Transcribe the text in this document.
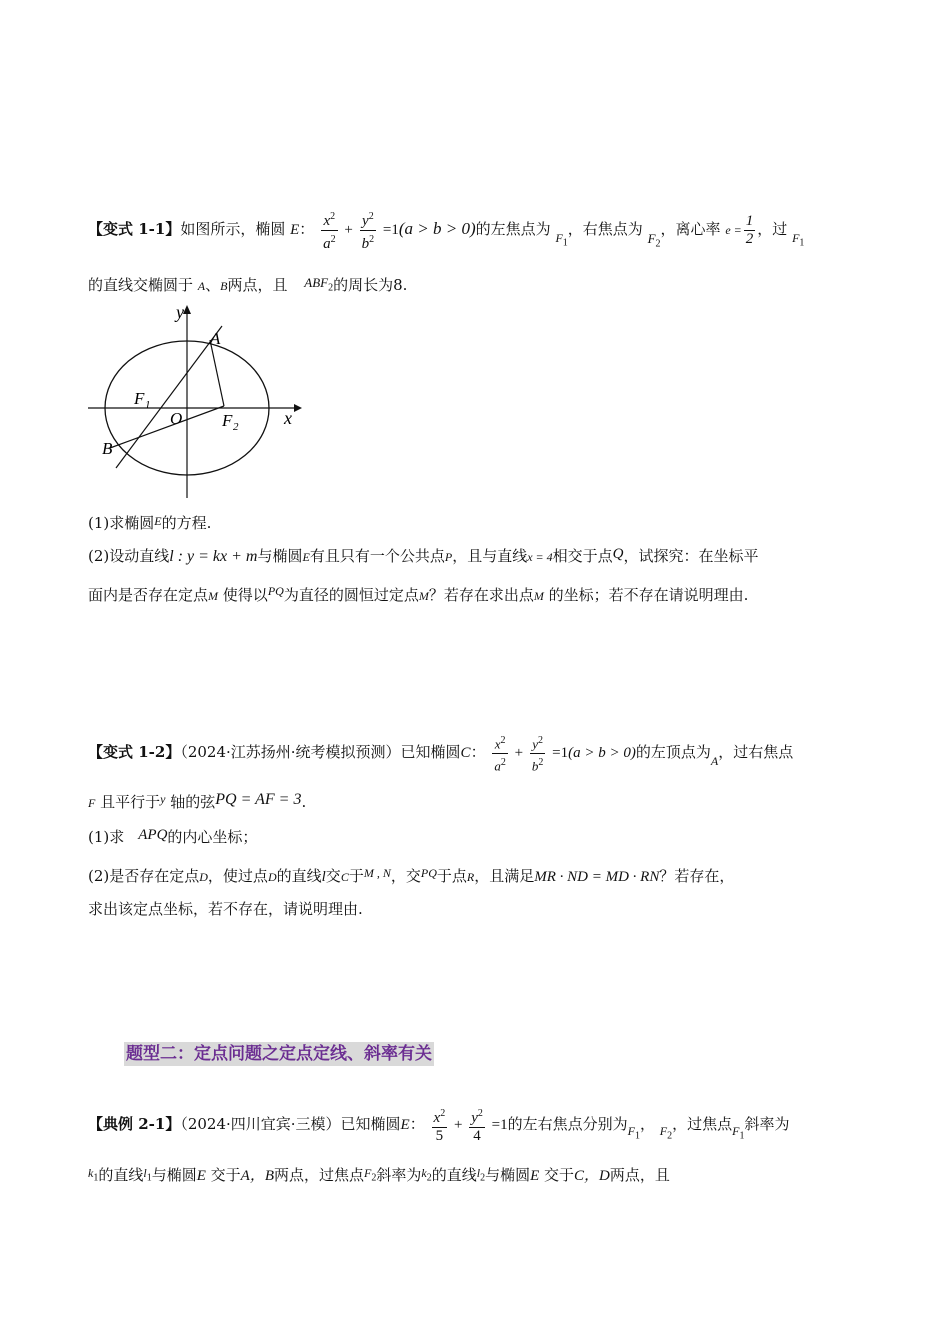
【变式 1-1】如图所示，椭圆 E： $\frac{x^2}{a^2} + \frac{y^2}{b^2} =1(a > b > 0)$的左焦点为 $_{F_1}$，右焦点为 $F_2$，离心率 $e = \frac{1}{2}$ ，过 $_{F_1}$
的直线交椭圆于 A、B两点，且 $ABF_2$的周长为8.
y
x
A
B
F 1
O F 2
(1)求椭圆$^E$的方程.
(2)设动直线l : y = kx + m与椭圆E有且只有一个公共点P，且与直线x = 4相交于点Q，试探究：在坐标平
面内是否存在定点M 使得以$^{PQ}$为直径的圆恒过定点M？若存在求出点M 的坐标；若不存在请说明理由.
【变式 1-2】（2024·江苏扬州·统考模拟预测）已知椭圆C： $\frac{x^2}{a^2} + \frac{y^2}{b^2} =1(a > b > 0)$的左顶点为$_A$，过右焦点
F 且平行于$^y$ 轴的弦PQ = AF = 3.
(1)求 APQ的内心坐标；
(2)是否存在定点D，使过点D的直线l交C于$^{M , N}$，交$^{PQ}$于点R，且满足MR · ND = MD · RN？若存在，
求出该定点坐标，若不存在，请说明理由.
题型二：定点问题之定点定线、斜率有关
【典例 2-1】（2024·四川宜宾·三模）已知椭圆E： $\frac{x^2}{5} + \frac{y^2}{4} =1$的左右焦点分别为$_{F_1}$， $_{F_2}$，过焦点$_{F_1}$斜率为
$^{k_1}$的直线$^{l_1}$与椭圆E 交于A，B两点，过焦点$^{F_2}$斜率为$^{k_2}$的直线$^{l_2}$与椭圆E 交于C，D两点，且
